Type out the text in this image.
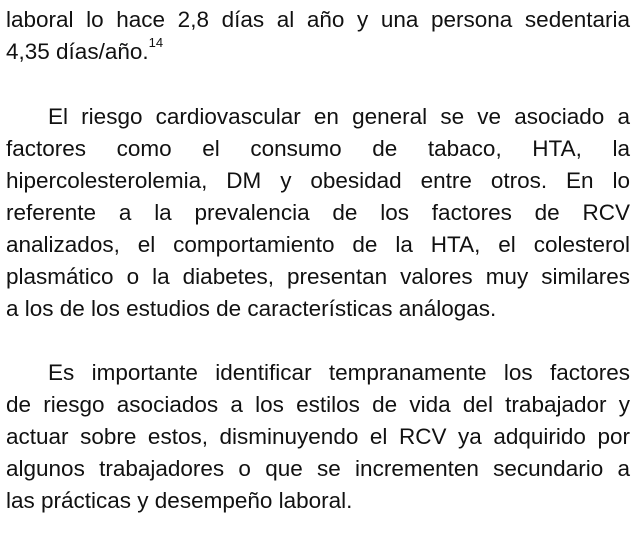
laboral lo hace 2,8 días al año y una persona sedentaria
4,35 días/año.$^{14}$
El riesgo cardiovascular en general se ve asociado a
factores como el consumo de tabaco, HTA, la
hipercolesterolemia, DM y obesidad entre otros. En lo
referente a la prevalencia de los factores de RCV
analizados, el comportamiento de la HTA, el colesterol
plasmático o la diabetes, presentan valores muy similares
a los de los estudios de características análogas.
Es importante identificar tempranamente los factores
de riesgo asociados a los estilos de vida del trabajador y
actuar sobre estos, disminuyendo el RCV ya adquirido por
algunos trabajadores o que se incrementen secundario a
las prácticas y desempeño laboral.
